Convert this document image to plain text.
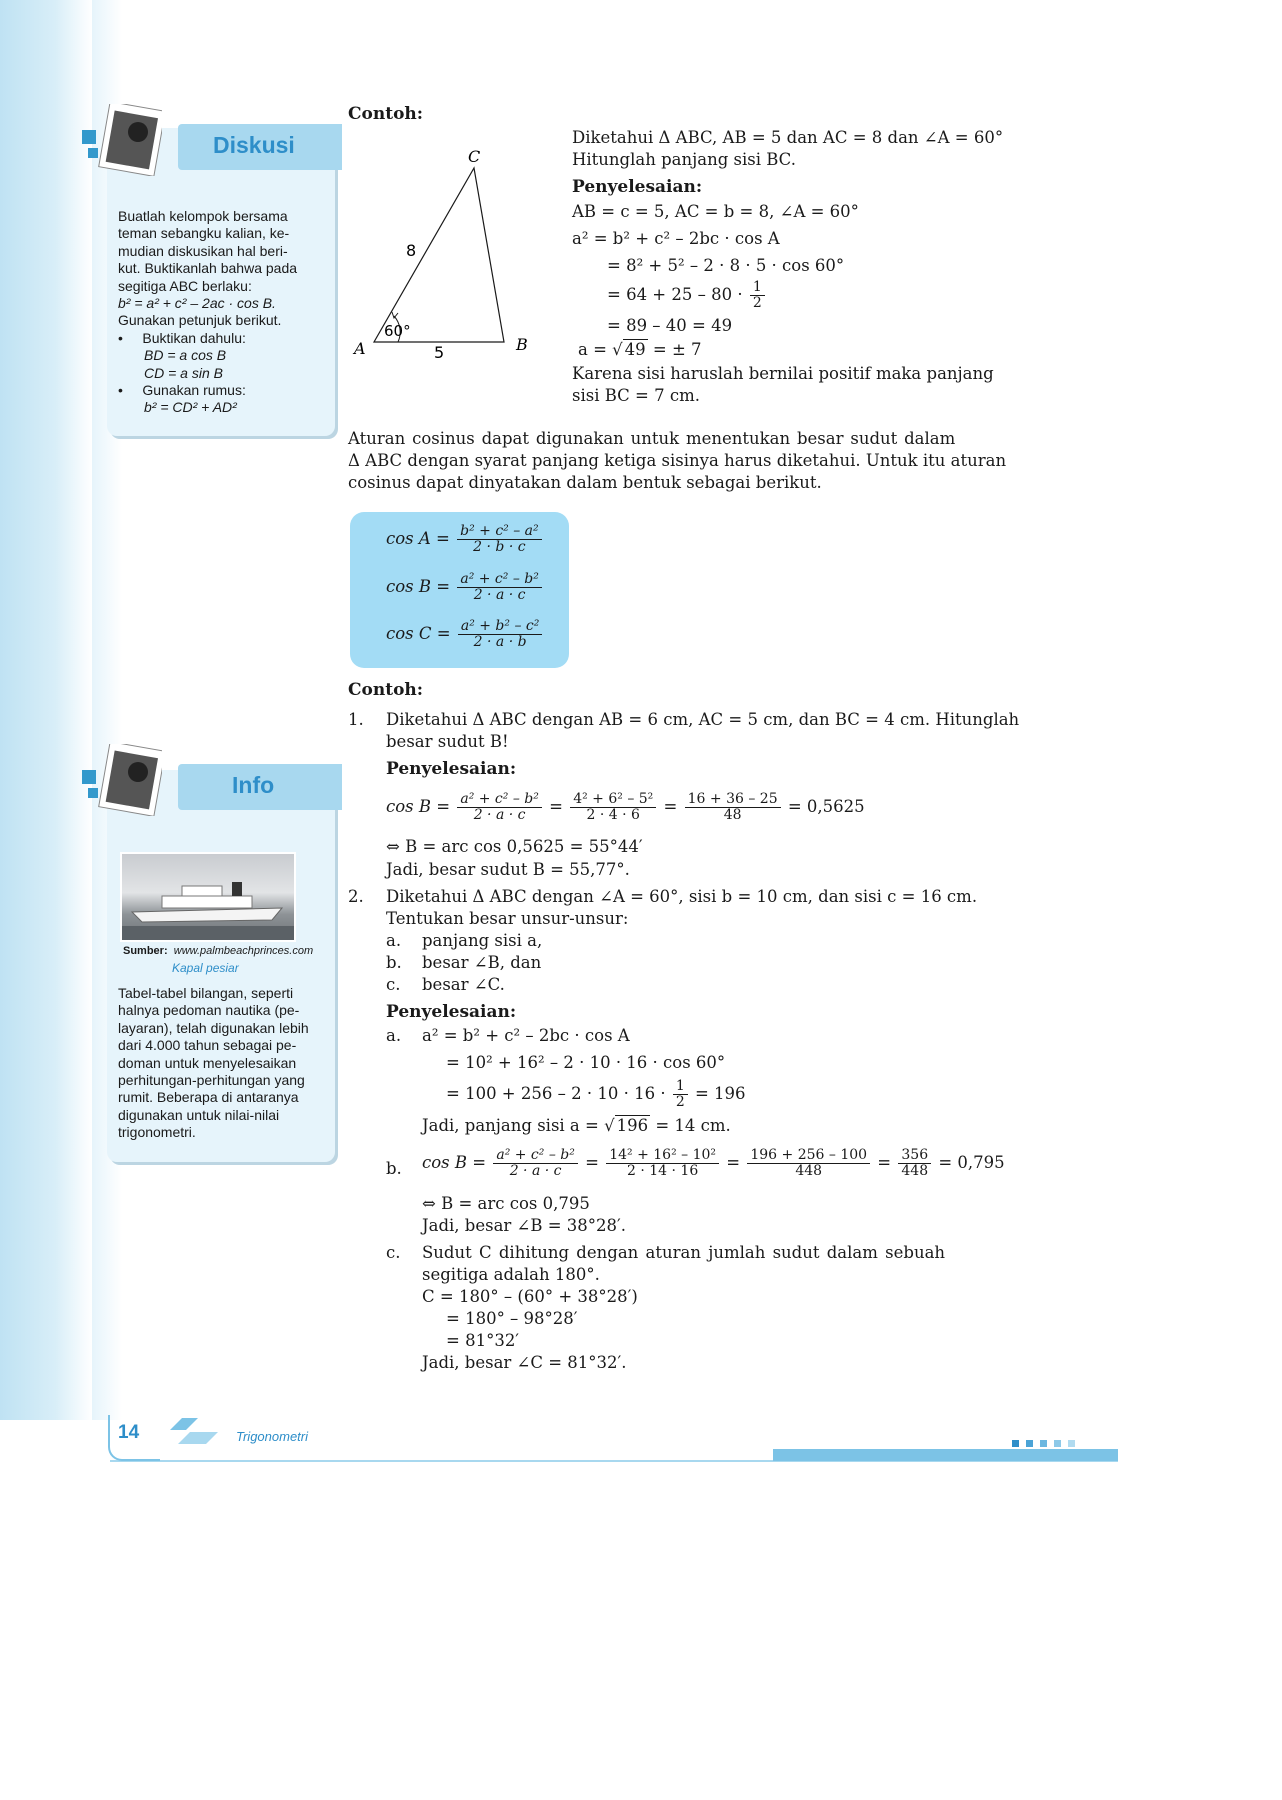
Buatlah kelompok bersama
teman sebangku kalian, ke-
mudian diskusikan hal beri-
kut. Buktikanlah bahwa pada
segitiga ABC berlaku:
b² = a² + c² – 2ac · cos B.
Gunakan petunjuk berikut.
•     Buktikan dahulu:
BD = a cos B
CD = a sin B
•     Gunakan rumus:
b² = CD² + AD²
Diskusi
Sumber: www.palmbeachprinces.com
Kapal pesiar
Tabel-tabel bilangan, seperti
halnya pedoman nautika (pe-
layaran), telah digunakan lebih
dari 4.000 tahun sebagai pe-
doman untuk menyelesaikan
perhitungan-perhitungan yang
rumit. Beberapa di antaranya
digunakan untuk nilai-nilai
trigonometri.
Info
Contoh:
C
A	B
8
5
60°
Diketahui Δ ABC, AB = 5 dan AC = 8 dan ∠A = 60°
Hitunglah panjang sisi BC.
Penyelesaian:
AB = c = 5, AC = b = 8, ∠A = 60°
a² = b² + c² – 2bc · cos A
= 8² + 5² – 2 · 8 · 5 · cos 60°
= $64 + 25 - 80 \cdot \frac{1}{2}$
= 89 – 40 = 49
a = √ 49 = ± 7
Karena sisi haruslah bernilai positif maka panjang
sisi BC = 7 cm.
Aturan cosinus dapat digunakan untuk menentukan besar sudut dalam
Δ ABC dengan syarat panjang ketiga sisinya harus diketahui. Untuk itu aturan
cosinus dapat dinyatakan dalam bentuk sebagai berikut.
$\cos A = \frac{\text{b² + c² – a²}}{2 \cdot b \cdot c}$
$\cos B = \frac{\text{a² + c² – b²}}{2 \cdot a \cdot c}$
$\cos C = \frac{\text{a² + b² – c²}}{2 \cdot a \cdot b}$
Contoh:
1. Diketahui Δ ABC dengan AB = 6 cm, AC = 5 cm, dan BC = 4 cm. Hitunglah
besar sudut B!
Penyelesaian:
$\cos B = \frac{\text{a² + c² – b²}}{2 \cdot a \cdot c} = \frac{\text{4² + 6² – 5²}}{2 \cdot 4 \cdot 6} = \frac{16 + 36 - 25}{48} = 0,5625$
⇔ B = arc cos 0,5625 = 55°44′
Jadi, besar sudut B = 55,77°.
2. Diketahui Δ ABC dengan ∠A = 60°, sisi b = 10 cm, dan sisi c = 16 cm.
Tentukan besar unsur-unsur:
a. panjang sisi a,
b. besar ∠B, dan
c. besar ∠C.
Penyelesaian:
a. a² = b² + c² – 2bc · cos A
= 10² + 16² – 2 · 10 · 16 · cos 60°
= $100 + 256 - 2 \cdot 10 \cdot 16 \cdot \frac{1}{2} = 196$
Jadi, panjang sisi a = √ 196 = 14 cm.
b. $\cos B = \frac{\text{a² + c² – b²}}{2 \cdot a \cdot c} = \frac{\text{14² + 16² – 10²}}{2 \cdot 14 \cdot 16} = \frac{196 + 256 - 100}{448} = \frac{356}{448} = 0,795$
⇔ B = arc cos 0,795
Jadi, besar ∠B = 38°28′.
c. Sudut C dihitung dengan aturan jumlah sudut dalam sebuah
segitiga adalah 180°.
C = 180° – (60° + 38°28′)
= 180° – 98°28′
= 81°32′
Jadi, besar ∠C = 81°32′.
14	Trigonometri
